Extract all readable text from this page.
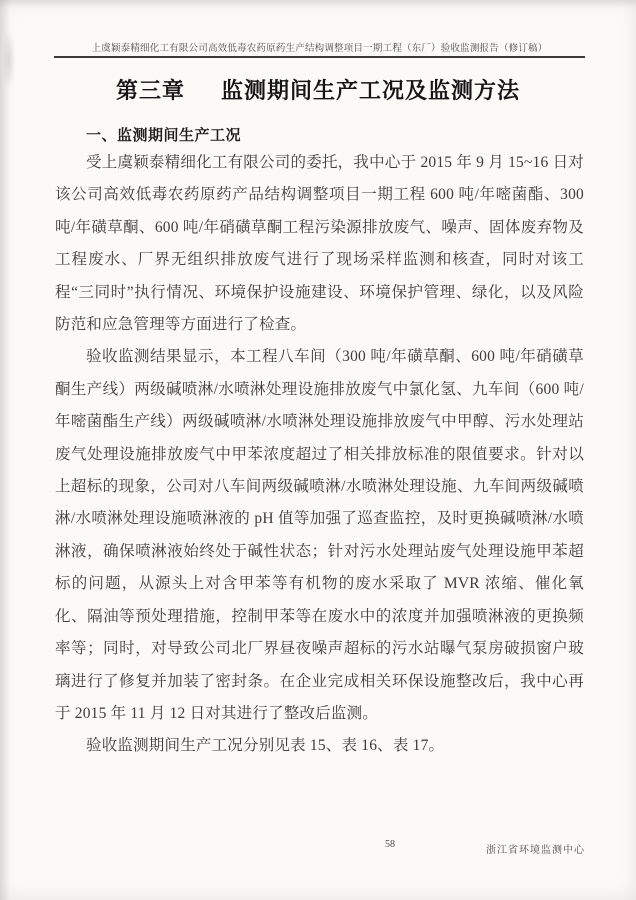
上虞颖泰精细化工有限公司高效低毒农药原药生产结构调整项目一期工程（东厂）验收监测报告（修订稿）
第三章 监测期间生产工况及监测方法
一、监测期间生产工况

受上虞颖泰精细化工有限公司的委托，我中心于 2015 年 9 月 15~16 日对该公司高效低毒农药原药产品结构调整项目一期工程 600 吨/年嘧菌酯、300 吨/年磺草酮、600 吨/年硝磺草酮工程污染源排放废气、噪声、固体废弃物及工程废水、厂界无组织排放废气进行了现场采样监测和核查，同时对该工程“三同时”执行情况、环境保护设施建设、环境保护管理、绿化，以及风险防范和应急管理等方面进行了检查。

验收监测结果显示，本工程八车间（300 吨/年磺草酮、600 吨/年硝磺草酮生产线）两级碱喷淋/水喷淋处理设施排放废气中氯化氢、九车间（600 吨/年嘧菌酯生产线）两级碱喷淋/水喷淋处理设施排放废气中甲醇、污水处理站废气处理设施排放废气中甲苯浓度超过了相关排放标准的限值要求。针对以上超标的现象，公司对八车间两级碱喷淋/水喷淋处理设施、九车间两级碱喷淋/水喷淋处理设施喷淋液的 pH 值等加强了巡查监控，及时更换碱喷淋/水喷淋液，确保喷淋液始终处于碱性状态；针对污水处理站废气处理设施甲苯超标的问题，从源头上对含甲苯等有机物的废水采取了 MVR 浓缩、催化氧化、隔油等预处理措施，控制甲苯等在废水中的浓度并加强喷淋液的更换频率等；同时，对导致公司北厂界昼夜噪声超标的污水站曝气泵房破损窗户玻璃进行了修复并加装了密封条。在企业完成相关环保设施整改后，我中心再于 2015 年 11 月 12 日对其进行了整改后监测。

验收监测期间生产工况分别见表 15、表 16、表 17。

58
浙江省环境监测中心
